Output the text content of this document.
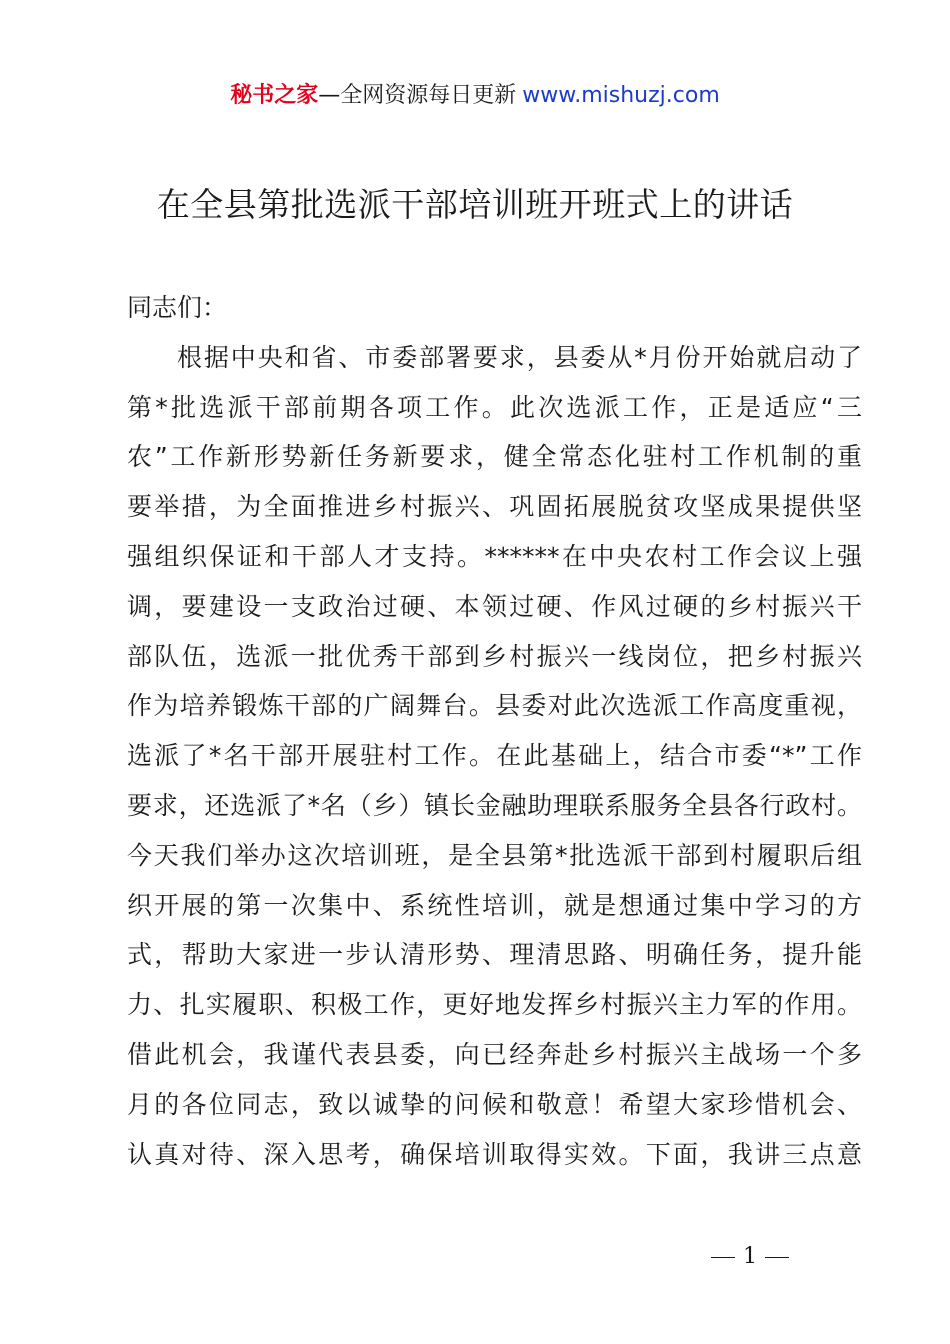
秘书之家—全网资源每日更新 www.mishuzj.com
在全县第批选派干部培训班开班式上的讲话
同志们：
根据中央和省、市委部署要求，县委从*月份开始就启动了
第*批选派干部前期各项工作。此次选派工作，正是适应“三
农”工作新形势新任务新要求，健全常态化驻村工作机制的重
要举措，为全面推进乡村振兴、巩固拓展脱贫攻坚成果提供坚
强组织保证和干部人才支持。******在中央农村工作会议上强
调，要建设一支政治过硬、本领过硬、作风过硬的乡村振兴干
部队伍，选派一批优秀干部到乡村振兴一线岗位，把乡村振兴
作为培养锻炼干部的广阔舞台。县委对此次选派工作高度重视，
选派了*名干部开展驻村工作。在此基础上，结合市委“*”工作
要求，还选派了*名（乡）镇长金融助理联系服务全县各行政村。
今天我们举办这次培训班，是全县第*批选派干部到村履职后组
织开展的第一次集中、系统性培训，就是想通过集中学习的方
式，帮助大家进一步认清形势、理清思路、明确任务，提升能
力、扎实履职、积极工作，更好地发挥乡村振兴主力军的作用。
借此机会，我谨代表县委，向已经奔赴乡村振兴主战场一个多
月的各位同志，致以诚挚的问候和敬意！希望大家珍惜机会、
认真对待、深入思考，确保培训取得实效。下面，我讲三点意
1
